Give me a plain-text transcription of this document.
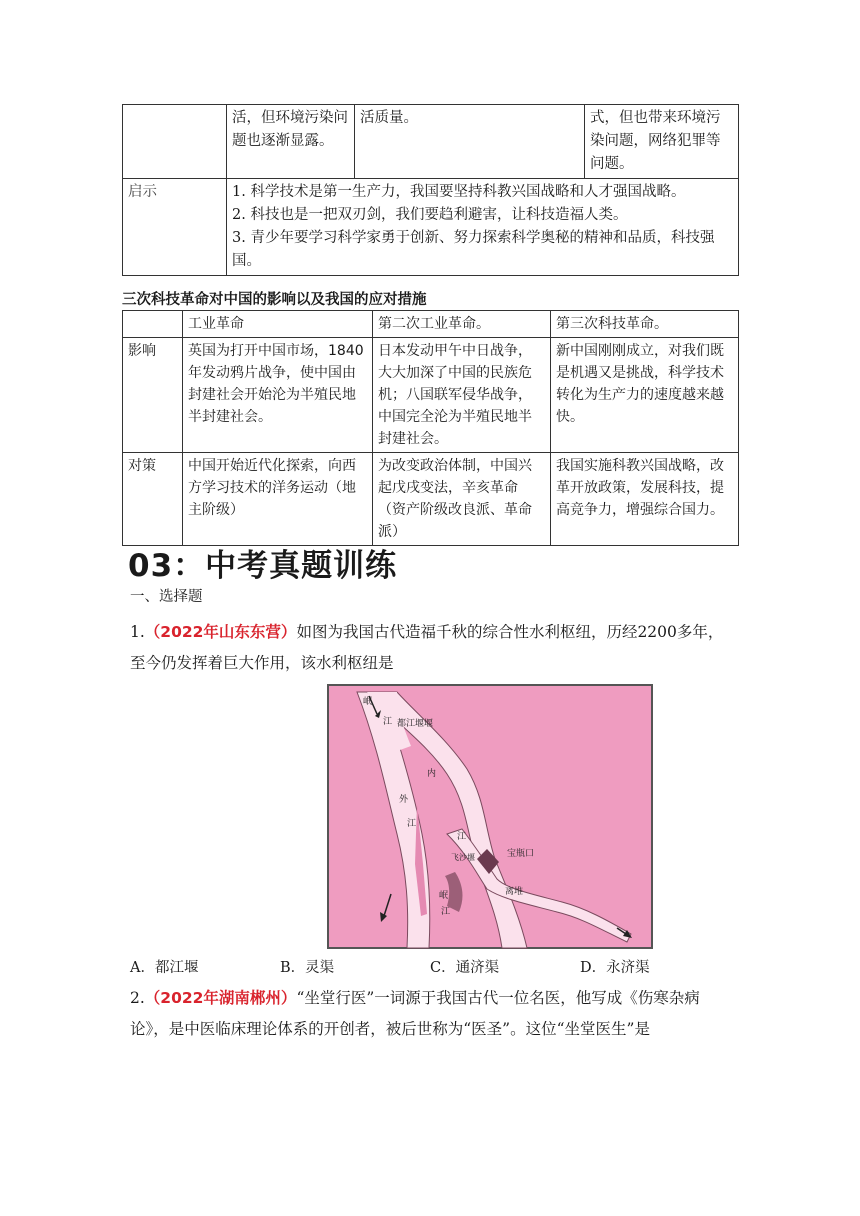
	活，但环境污染问题也逐渐显露。	活质量。	式，但也带来环境污染问题，网络犯罪等问题。
启示	1. 科学技术是第一生产力，我国要坚持科教兴国战略和人才强国战略。
2. 科技也是一把双刃剑，我们要趋利避害，让科技造福人类。
3. 青少年要学习科学家勇于创新、努力探索科学奥秘的精神和品质，科技强国。		
三次科技革命对中国的影响以及我国的应对措施
	工业革命	第二次工业革命。	第三次科技革命。
影响	英国为打开中国市场，1840年发动鸦片战争，使中国由封建社会开始沦为半殖民地半封建社会。	日本发动甲午中日战争，大大加深了中国的民族危机；八国联军侵华战争，中国完全沦为半殖民地半封建社会。	新中国刚刚成立，对我们既是机遇又是挑战，科学技术转化为生产力的速度越来越快。
对策	中国开始近代化探索，向西方学习技术的洋务运动（地主阶级）	为改变政治体制，中国兴起戊戌变法，辛亥革命（资产阶级改良派、革命派）	我国实施科教兴国战略，改革开放政策，发展科技，提高竞争力，增强综合国力。
03：中考真题训练
一、选择题
1.（2022年山东东营）如图为我国古代造福千秋的综合性水利枢纽，历经2200多年，至今仍发挥着巨大作用，该水利枢纽是
岷
江 都江堰堰
外
内
江
江
宝瓶口
离堆
飞沙堰
岷
江
A．都江堰	B．灵渠	C．通济渠	D．永济渠
2.（2022年湖南郴州）“坐堂行医”一词源于我国古代一位名医，他写成《伤寒杂病论》，是中医临床理论体系的开创者，被后世称为“医圣”。这位“坐堂医生”是
